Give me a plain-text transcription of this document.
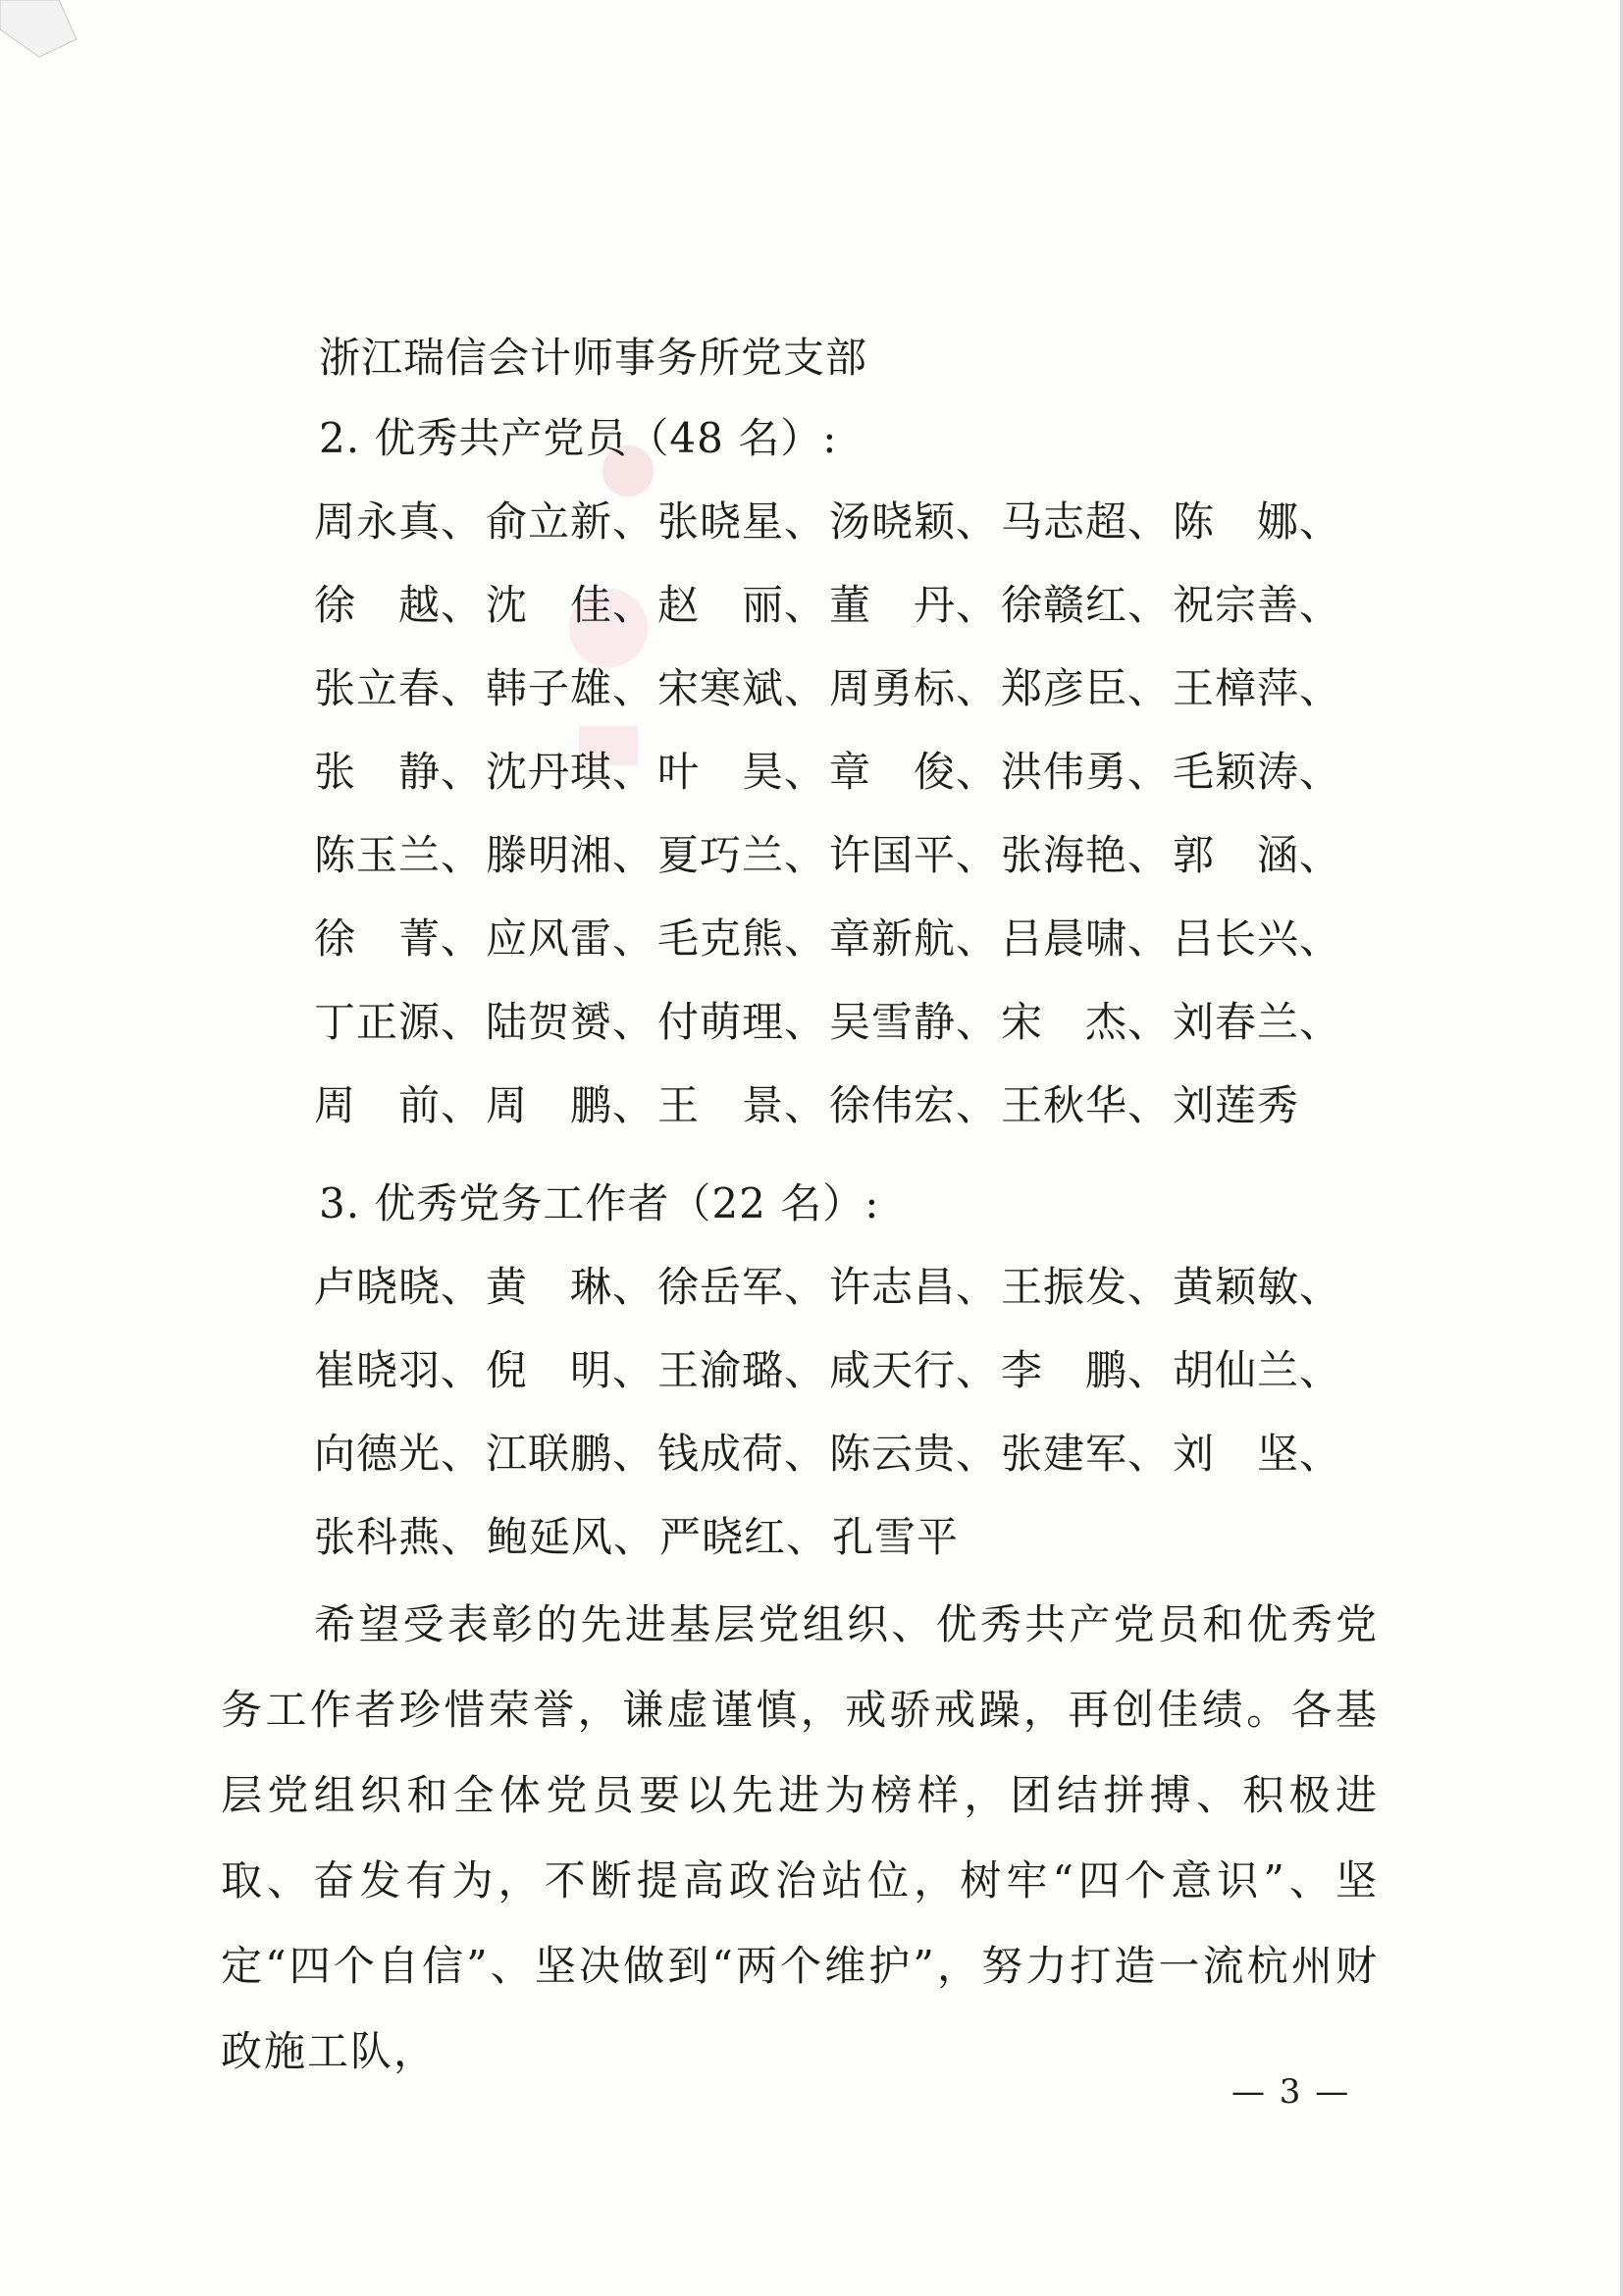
浙江瑞信会计师事务所党支部
2. 优秀共产党员（48 名）:
周永真、 俞立新、 张晓星、 汤晓颖、 马志超、 陈　娜、
徐　越、 沈　佳、 赵　丽、 董　丹、 徐赣红、 祝宗善、
张立春、 韩子雄、 宋寒斌、 周勇标、 郑彦臣、 王樟萍、
张　静、 沈丹琪、 叶　昊、 章　俊、 洪伟勇、 毛颖涛、
陈玉兰、 滕明湘、 夏巧兰、 许国平、 张海艳、 郭　涵、
徐　菁、 应风雷、 毛克熊、 章新航、 吕晨啸、 吕长兴、
丁正源、 陆贺赟、 付萌理、 吴雪静、 宋　杰、 刘春兰、
周　前、 周　鹏、 王　景、 徐伟宏、 王秋华、 刘莲秀
3. 优秀党务工作者（22 名）:
卢晓晓、 黄　琳、 徐岳军、 许志昌、 王振发、 黄颖敏、
崔晓羽、 倪　明、 王渝璐、 咸天行、 李　鹏、 胡仙兰、
向德光、 江联鹏、 钱成荷、 陈云贵、 张建军、 刘　坚、
张科燕、 鲍延风、 严晓红、 孔雪平
希望受表彰的先进基层党组织、优秀共产党员和优秀党务工作者珍惜荣誉，谦虚谨慎，戒骄戒躁，再创佳绩。各基层党组织和全体党员要以先进为榜样，团结拼搏、积极进取、奋发有为，不断提高政治站位，树牢“四个意识”、坚定“四个自信”、坚决做到“两个维护”，努力打造一流杭州财政施工队，
— 3 —
